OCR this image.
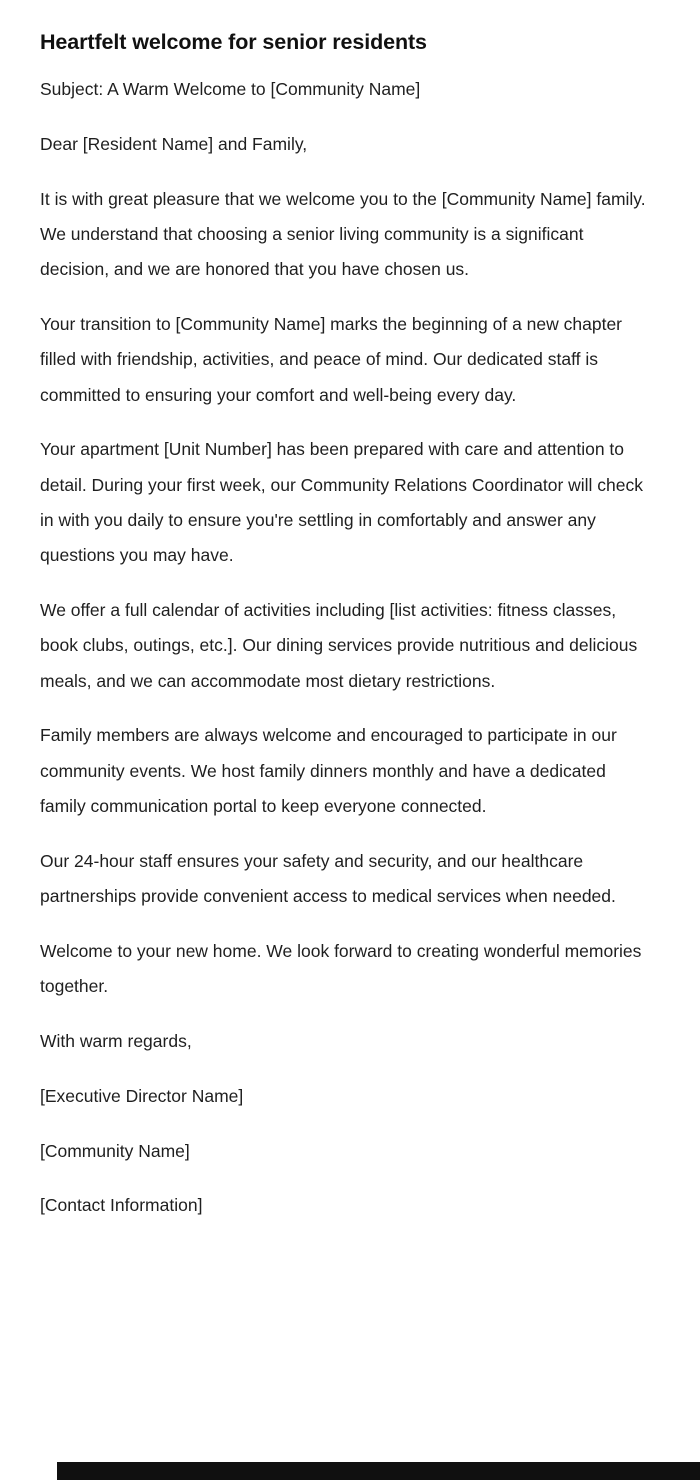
Heartfelt welcome for senior residents

Subject: A Warm Welcome to [Community Name]

Dear [Resident Name] and Family,

It is with great pleasure that we welcome you to the [Community Name] family. We understand that choosing a senior living community is a significant decision, and we are honored that you have chosen us.

Your transition to [Community Name] marks the beginning of a new chapter filled with friendship, activities, and peace of mind. Our dedicated staff is committed to ensuring your comfort and well-being every day.

Your apartment [Unit Number] has been prepared with care and attention to detail. During your first week, our Community Relations Coordinator will check in with you daily to ensure you're settling in comfortably and answer any questions you may have.

We offer a full calendar of activities including [list activities: fitness classes, book clubs, outings, etc.]. Our dining services provide nutritious and delicious meals, and we can accommodate most dietary restrictions.

Family members are always welcome and encouraged to participate in our community events. We host family dinners monthly and have a dedicated family communication portal to keep everyone connected.

Our 24-hour staff ensures your safety and security, and our healthcare partnerships provide convenient access to medical services when needed.

Welcome to your new home. We look forward to creating wonderful memories together.

With warm regards,

[Executive Director Name]

[Community Name]

[Contact Information]
